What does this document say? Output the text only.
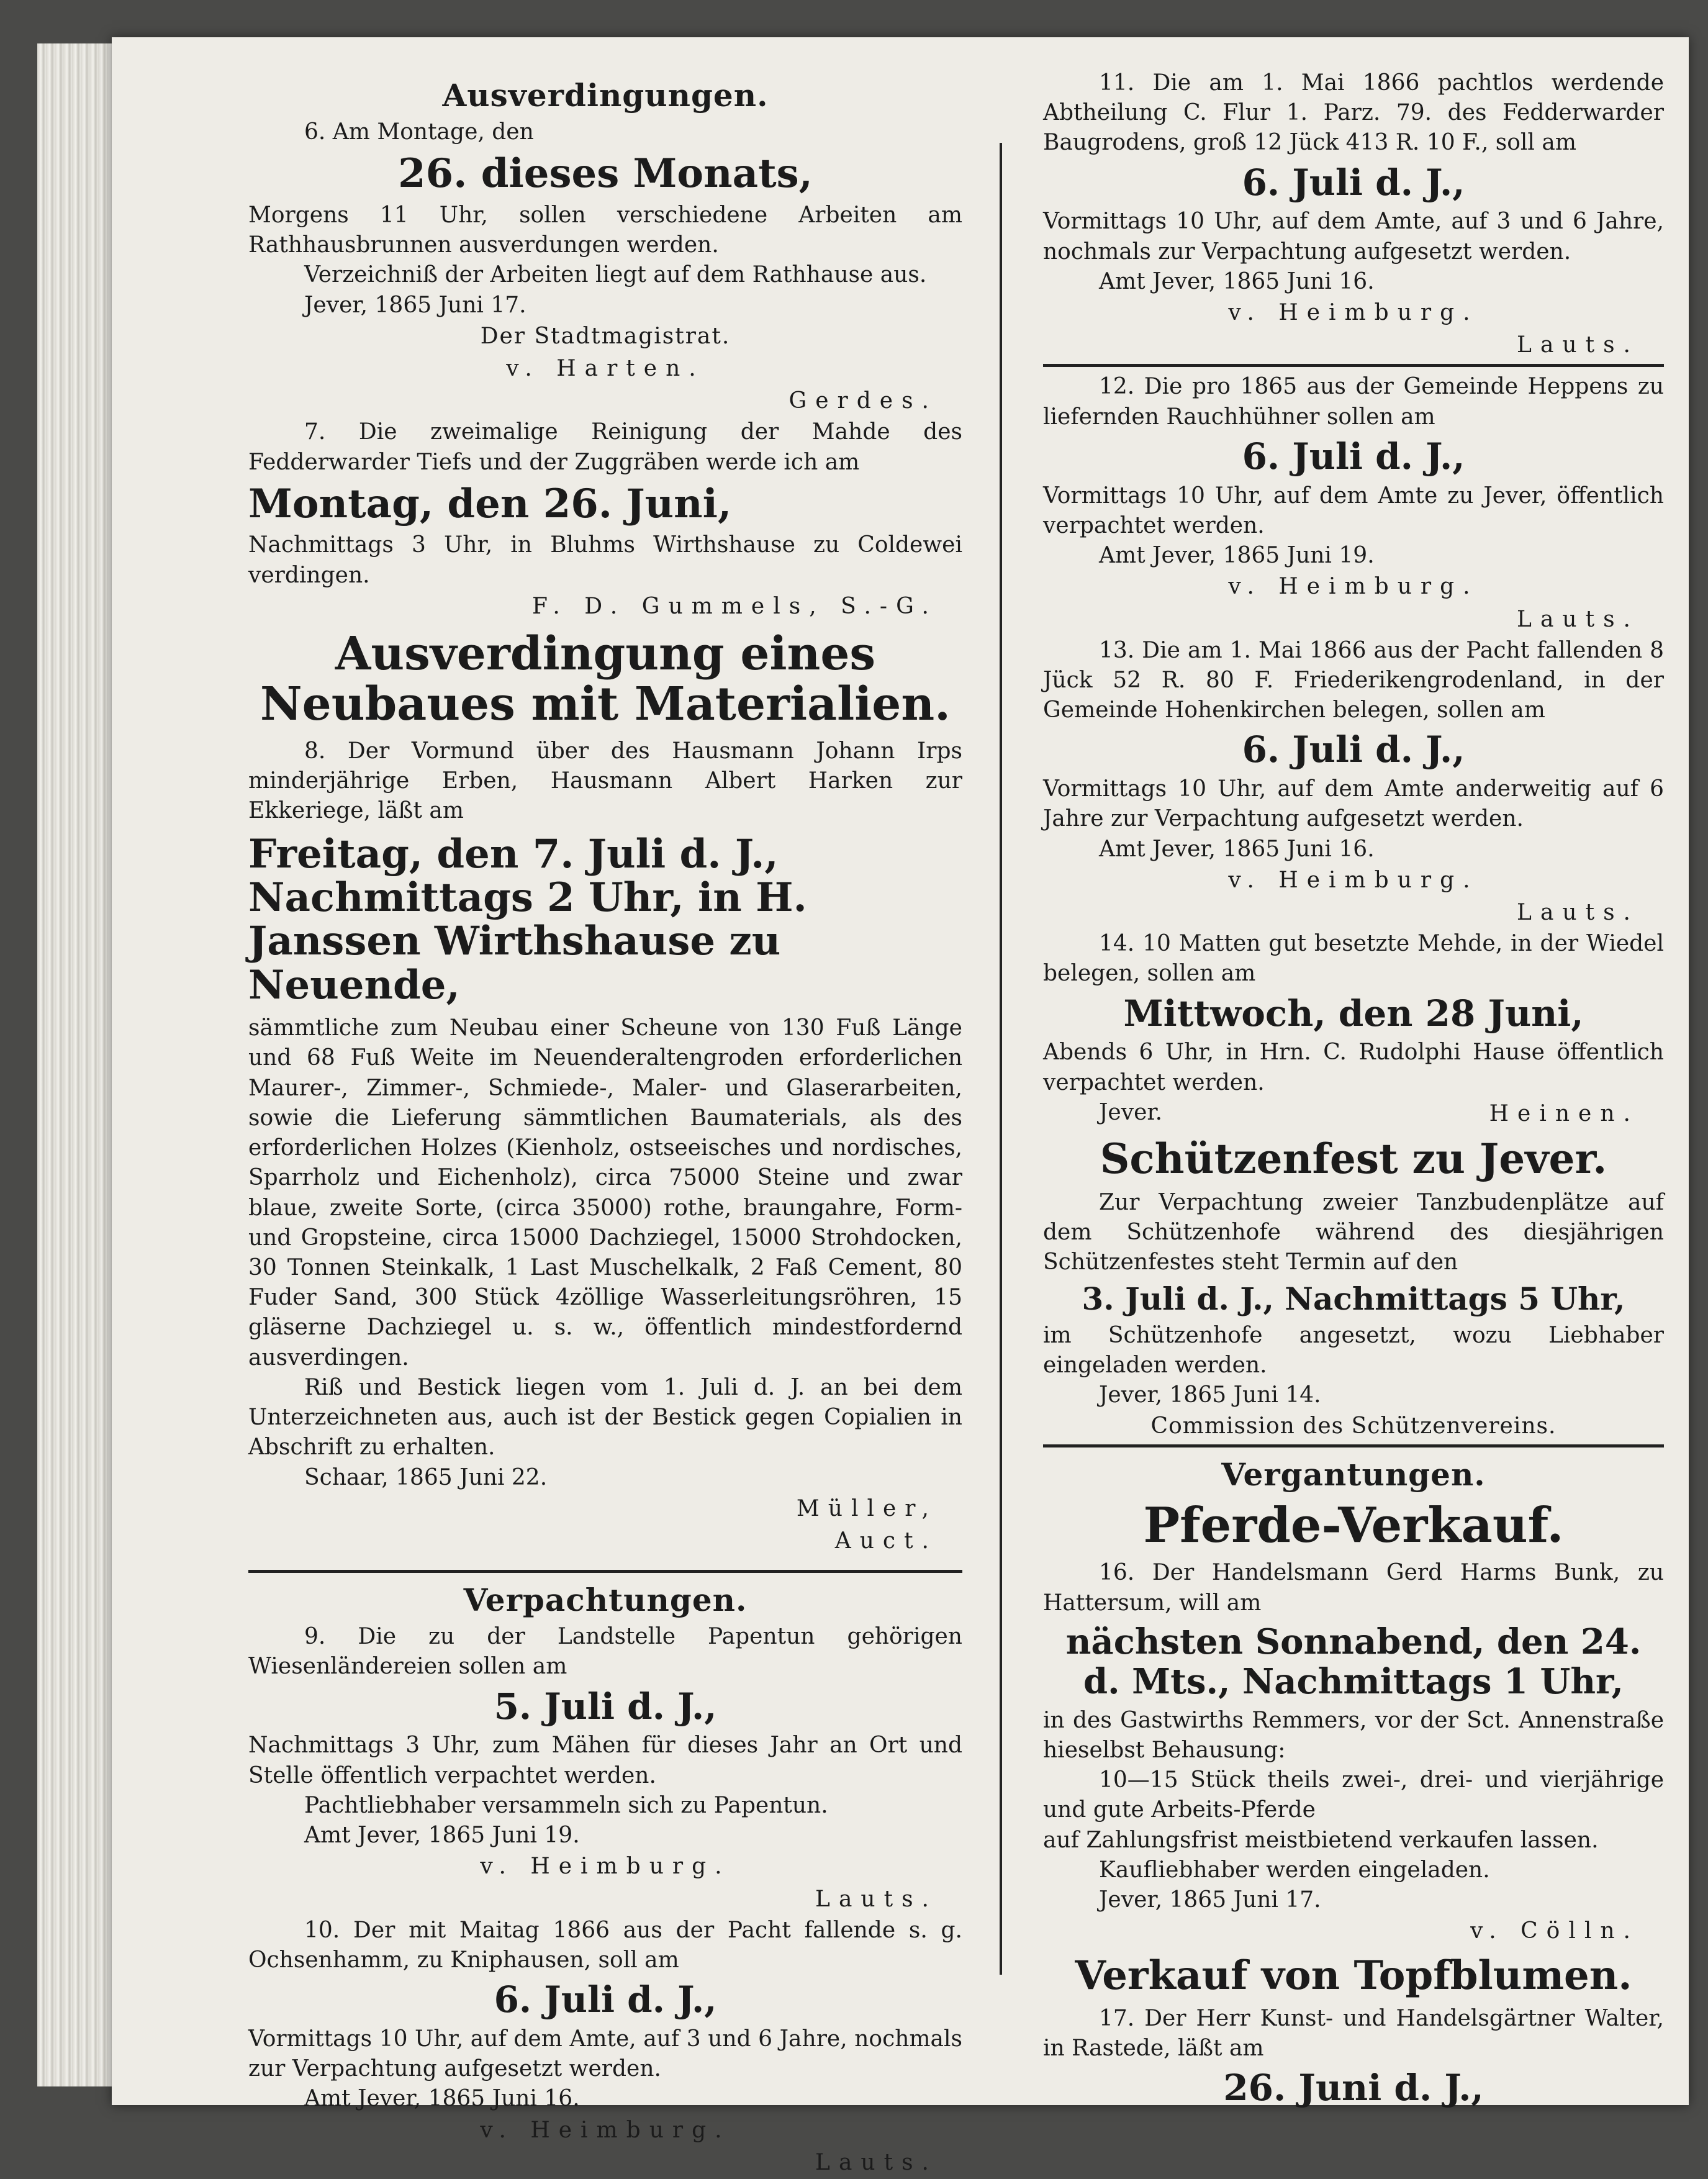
Ausverdingungen.

6. Am Montage, den

26. dieses Monats,

Morgens 11 Uhr, sollen verschiedene Arbeiten am Rathhausbrunnen ausverdungen werden.

Verzeichniß der Arbeiten liegt auf dem Rathhause aus.

Jever, 1865 Juni 17.
Der Stadtmagistrat.
v. Harten.
Gerdes.

7. Die zweimalige Reinigung der Mahde des Fedderwarder Tiefs und der Zuggräben werde ich am

Montag, den 26. Juni,

Nachmittags 3 Uhr, in Bluhms Wirthshause zu Coldewei verdingen.

F. D. Gummels, S.-G.
Ausverdingung eines Neubaues mit Materialien.

8. Der Vormund über des Hausmann Johann Irps minderjährige Erben, Hausmann Albert Harken zur Ekkeriege, läßt am

Freitag, den 7. Juli d. J., Nachmittags 2 Uhr, in H. Janssen Wirthshause zu Neuende,

sämmtliche zum Neubau einer Scheune von 130 Fuß Länge und 68 Fuß Weite im Neuenderaltengroden erforderlichen Maurer-, Zimmer-, Schmiede-, Maler- und Glaserarbeiten, sowie die Lieferung sämmtlichen Baumaterials, als des erforderlichen Holzes (Kienholz, ostseeisches und nordisches, Sparrholz und Eichenholz), circa 75000 Steine und zwar blaue, zweite Sorte, (circa 35000) rothe, braungahre, Form- und Gropsteine, circa 15000 Dachziegel, 15000 Strohdocken, 30 Tonnen Steinkalk, 1 Last Muschelkalk, 2 Faß Cement, 80 Fuder Sand, 300 Stück 4zöllige Wasserleitungsröhren, 15 gläserne Dachziegel u. s. w., öffentlich mindestfordernd ausverdingen.

Riß und Bestick liegen vom 1. Juli d. J. an bei dem Unterzeichneten aus, auch ist der Bestick gegen Copialien in Abschrift zu erhalten.

Schaar, 1865 Juni 22.
Müller,
Auct.
Verpachtungen.

9. Die zu der Landstelle Papentun gehörigen Wiesenländereien sollen am

5. Juli d. J.,

Nachmittags 3 Uhr, zum Mähen für dieses Jahr an Ort und Stelle öffentlich verpachtet werden.

Pachtliebhaber versammeln sich zu Papentun.

Amt Jever, 1865 Juni 19.
v. Heimburg.
Lauts.

10. Der mit Maitag 1866 aus der Pacht fallende s. g. Ochsenhamm, zu Kniphausen, soll am

6. Juli d. J.,

Vormittags 10 Uhr, auf dem Amte, auf 3 und 6 Jahre, nochmals zur Verpachtung aufgesetzt werden.

Amt Jever, 1865 Juni 16.
v. Heimburg.
Lauts.

11. Die am 1. Mai 1866 pachtlos werdende Abtheilung C. Flur 1. Parz. 79. des Fedderwarder Baugrodens, groß 12 Jück 413 R. 10 F., soll am

6. Juli d. J.,

Vormittags 10 Uhr, auf dem Amte, auf 3 und 6 Jahre, nochmals zur Verpachtung aufgesetzt werden.

Amt Jever, 1865 Juni 16.
v. Heimburg.
Lauts.

12. Die pro 1865 aus der Gemeinde Heppens zu liefernden Rauchhühner sollen am

6. Juli d. J.,

Vormittags 10 Uhr, auf dem Amte zu Jever, öffentlich verpachtet werden.

Amt Jever, 1865 Juni 19.
v. Heimburg.
Lauts.

13. Die am 1. Mai 1866 aus der Pacht fallenden 8 Jück 52 R. 80 F. Friederikengrodenland, in der Gemeinde Hohenkirchen belegen, sollen am

6. Juli d. J.,

Vormittags 10 Uhr, auf dem Amte anderweitig auf 6 Jahre zur Verpachtung aufgesetzt werden.

Amt Jever, 1865 Juni 16.
v. Heimburg.
Lauts.

14. 10 Matten gut besetzte Mehde, in der Wiedel belegen, sollen am

Mittwoch, den 28 Juni,

Abends 6 Uhr, in Hrn. C. Rudolphi Hause öffentlich verpachtet werden.

Jever.	Heinen.
Schützenfest zu Jever.

Zur Verpachtung zweier Tanzbudenplätze auf dem Schützenhofe während des diesjährigen Schützenfestes steht Termin auf den

3. Juli d. J., Nachmittags 5 Uhr,

im Schützenhofe angesetzt, wozu Liebhaber eingeladen werden.

Jever, 1865 Juni 14.
Commission des Schützenvereins.
Vergantungen.
Pferde-Verkauf.

16. Der Handelsmann Gerd Harms Bunk, zu Hattersum, will am

nächsten Sonnabend, den 24. d. Mts., Nachmittags 1 Uhr,

in des Gastwirths Remmers, vor der Sct. Annenstraße hieselbst Behausung:

10—15 Stück theils zwei-, drei- und vierjährige und gute Arbeits-Pferde

auf Zahlungsfrist meistbietend verkaufen lassen.

Kaufliebhaber werden eingeladen.

Jever, 1865 Juni 17.
v. Cölln.
Verkauf von Topfblumen.

17. Der Herr Kunst- und Handelsgärtner Walter, in Rastede, läßt am

26. Juni d. J.,
